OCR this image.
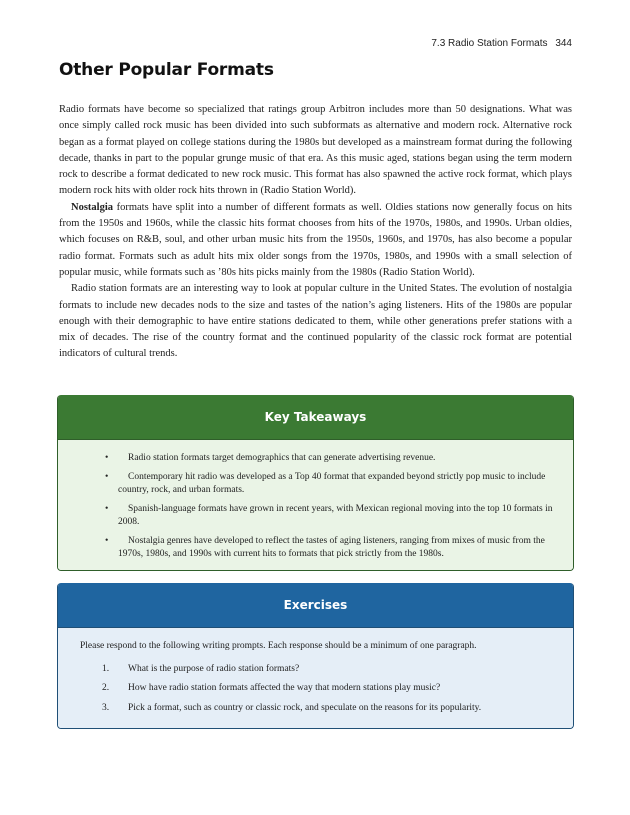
7.3 Radio Station Formats 344
Other Popular Formats

Radio formats have become so specialized that ratings group Arbitron includes more than 50 designations. What was once simply called rock music has been divided into such subformats as alternative and modern rock. Alternative rock began as a format played on college stations during the 1980s but developed as a mainstream format during the following decade, thanks in part to the popular grunge music of that era. As this music aged, stations began using the term modern rock to describe a format dedicated to new rock music. This format has also spawned the active rock format, which plays modern rock hits with older rock hits thrown in (Radio Station World).

Nostalgia formats have split into a number of different formats as well. Oldies stations now generally focus on hits from the 1950s and 1960s, while the classic hits format chooses from hits of the 1970s, 1980s, and 1990s. Urban oldies, which focuses on R&B, soul, and other urban music hits from the 1950s, 1960s, and 1970s, has also become a popular radio format. Formats such as adult hits mix older songs from the 1970s, 1980s, and 1990s with a small selection of popular music, while formats such as ’80s hits picks mainly from the 1980s (Radio Station World).

Radio station formats are an interesting way to look at popular culture in the United States. The evolution of nostalgia formats to include new decades nods to the size and tastes of the nation’s aging listeners. Hits of the 1980s are popular enough with their demographic to have entire stations dedicated to them, while other generations prefer stations with a mix of decades. The rise of the country format and the continued popularity of the classic rock format are potential indicators of cultural trends.

Key Takeaways
•	Radio station formats target demographics that can generate advertising revenue.
•	Contemporary hit radio was developed as a Top 40 format that expanded beyond strictly pop music to include country, rock, and urban formats.
•	Spanish-language formats have grown in recent years, with Mexican regional moving into the top 10 formats in 2008.
•	Nostalgia genres have developed to reflect the tastes of aging listeners, ranging from mixes of music from the 1970s, 1980s, and 1990s with current hits to formats that pick strictly from the 1980s.
Exercises

Please respond to the following writing prompts. Each response should be a minimum of one paragraph.

1. What is the purpose of radio station formats?
2. How have radio station formats affected the way that modern stations play music?
3. Pick a format, such as country or classic rock, and speculate on the reasons for its popularity.
